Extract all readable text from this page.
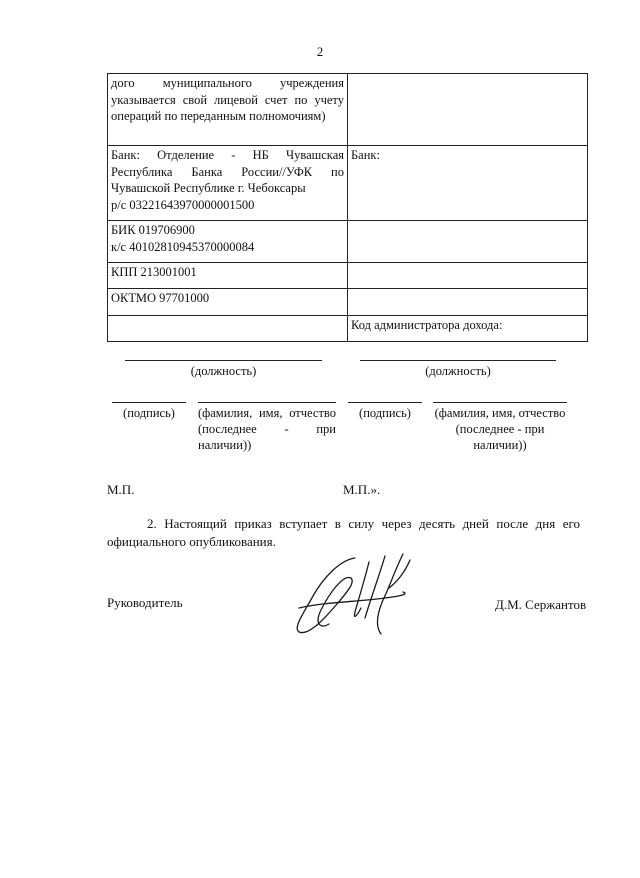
2
дого муниципального учреждения указывается свой лицевой счет по учету операций по переданным полномочиям)	

Банк: Отделение - НБ Чувашская Республика Банка России//УФК по Чувашской Республике г. Чебоксары
р/с 03221643970000001500	Банк:

БИК 019706900
к/с 40102810945370000084	

КПП 213001001	
ОКТМО 97701000	
	Код администратора дохода:
(должность)	(должность)
(подпись)	(фамилия, имя, отчество (последнее - при наличии))
(подпись)	(фамилия, имя, отчество (последнее - при наличии))
М.П.	М.П.».
2. Настоящий приказ вступает в силу через десять дней после дня его официального опубликования.
Руководитель	Д.М. Сержантов
